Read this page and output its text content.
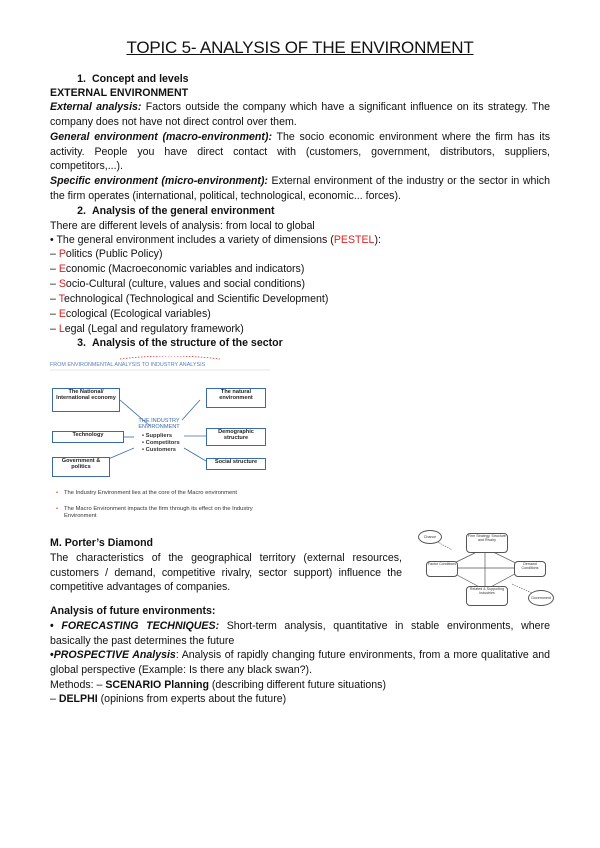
TOPIC 5- ANALYSIS OF THE ENVIRONMENT

1. Concept and levels

EXTERNAL ENVIRONMENT

External analysis: Factors outside the company which have a significant influence on its strategy. The company does not have not direct control over them.

General environment (macro-environment): The socio economic environment where the firm has its activity. People you have direct contact with (customers, government, distributors, suppliers, competitors,...).

Specific environment (micro-environment): External environment of the industry or the sector in which the firm operates (international, political, technological, economic... forces).

2. Analysis of the general environment

There are different levels of analysis: from local to global

• The general environment includes a variety of dimensions (PESTEL):

– Politics (Public Policy)

– Economic (Macroeconomic variables and indicators)

– Socio-Cultural (culture, values and social conditions)

– Technological (Technological and Scientific Development)

– Ecological (Ecological variables)

– Legal (Legal and regulatory framework)

3. Analysis of the structure of the sector

FROM ENVIRONMENTAL ANALYSIS TO INDUSTRY ANALYSIS
The National/ International economy
The natural environment
Technology	Demographic structure
Government & politics
Social structure
THE INDUSTRY ENVIRONMENT
• Suppliers
• Competitors
• Customers
• The Industry Environment lies at the core of the Macro environment
• The Macro Environment impacts the firm through its effect on the Industry Environment

M. Porter’s Diamond

The characteristics of the geographical territory (external resources, customers / demand, competitive rivalry, sector support) influence the competitive advantages of companies.

Chance	Firm Strategy, Structure and Rivalry
Factor Conditions	Demand Conditions
Related & Supporting Industries
Government

Analysis of future environments:

• FORECASTING TECHNIQUES: Short-term analysis, quantitative in stable environments, where basically the past determines the future

•PROSPECTIVE Analysis: Analysis of rapidly changing future environments, from a more qualitative and global perspective (Example: Is there any black swan?).

Methods: – SCENARIO Planning (describing different future situations)

– DELPHI (opinions from experts about the future)
